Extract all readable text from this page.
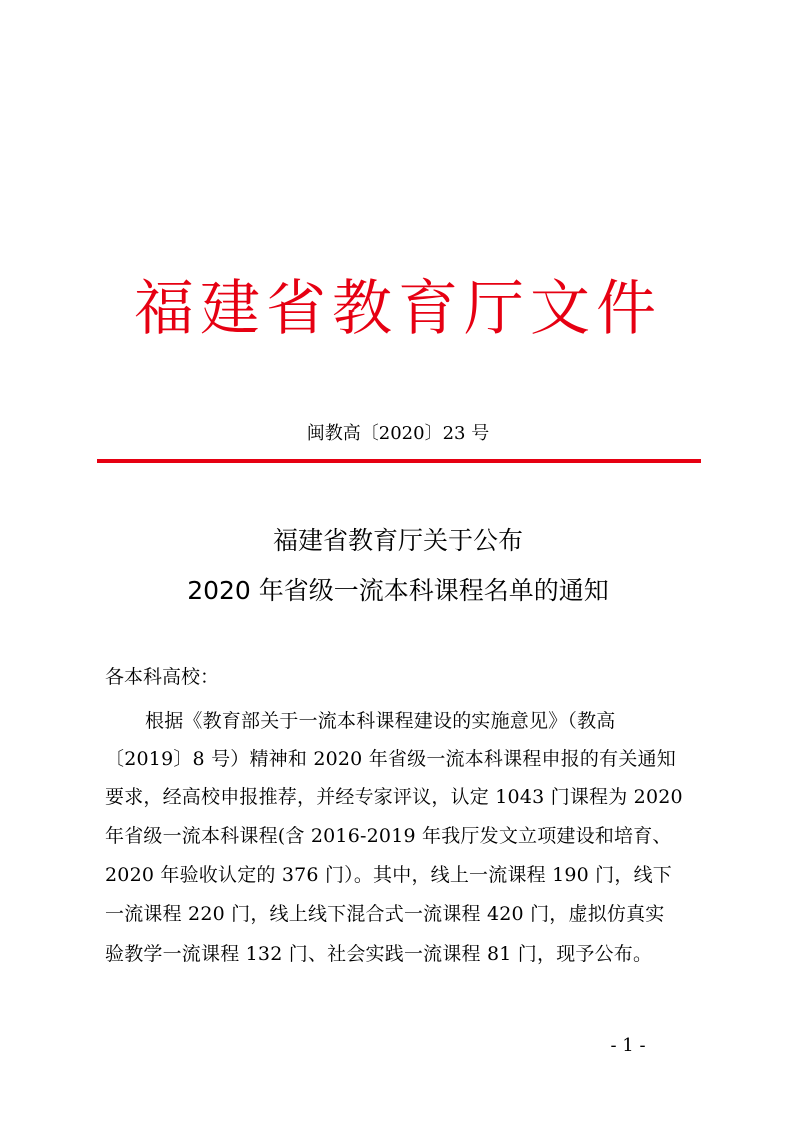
福建省教育厅文件
闽教高〔2020〕23 号
福建省教育厅关于公布
2020 年省级一流本科课程名单的通知
各本科高校：
根据《教育部关于一流本科课程建设的实施意见》（教高
〔2019〕8 号）精神和 2020 年省级一流本科课程申报的有关通知
要求，经高校申报推荐，并经专家评议，认定 1043 门课程为 2020
年省级一流本科课程(含 2016-2019 年我厅发文立项建设和培育、
2020 年验收认定的 376 门）。其中，线上一流课程 190 门，线下
一流课程 220 门，线上线下混合式一流课程 420 门，虚拟仿真实
验教学一流课程 132 门、社会实践一流课程 81 门，现予公布。
- 1 -
